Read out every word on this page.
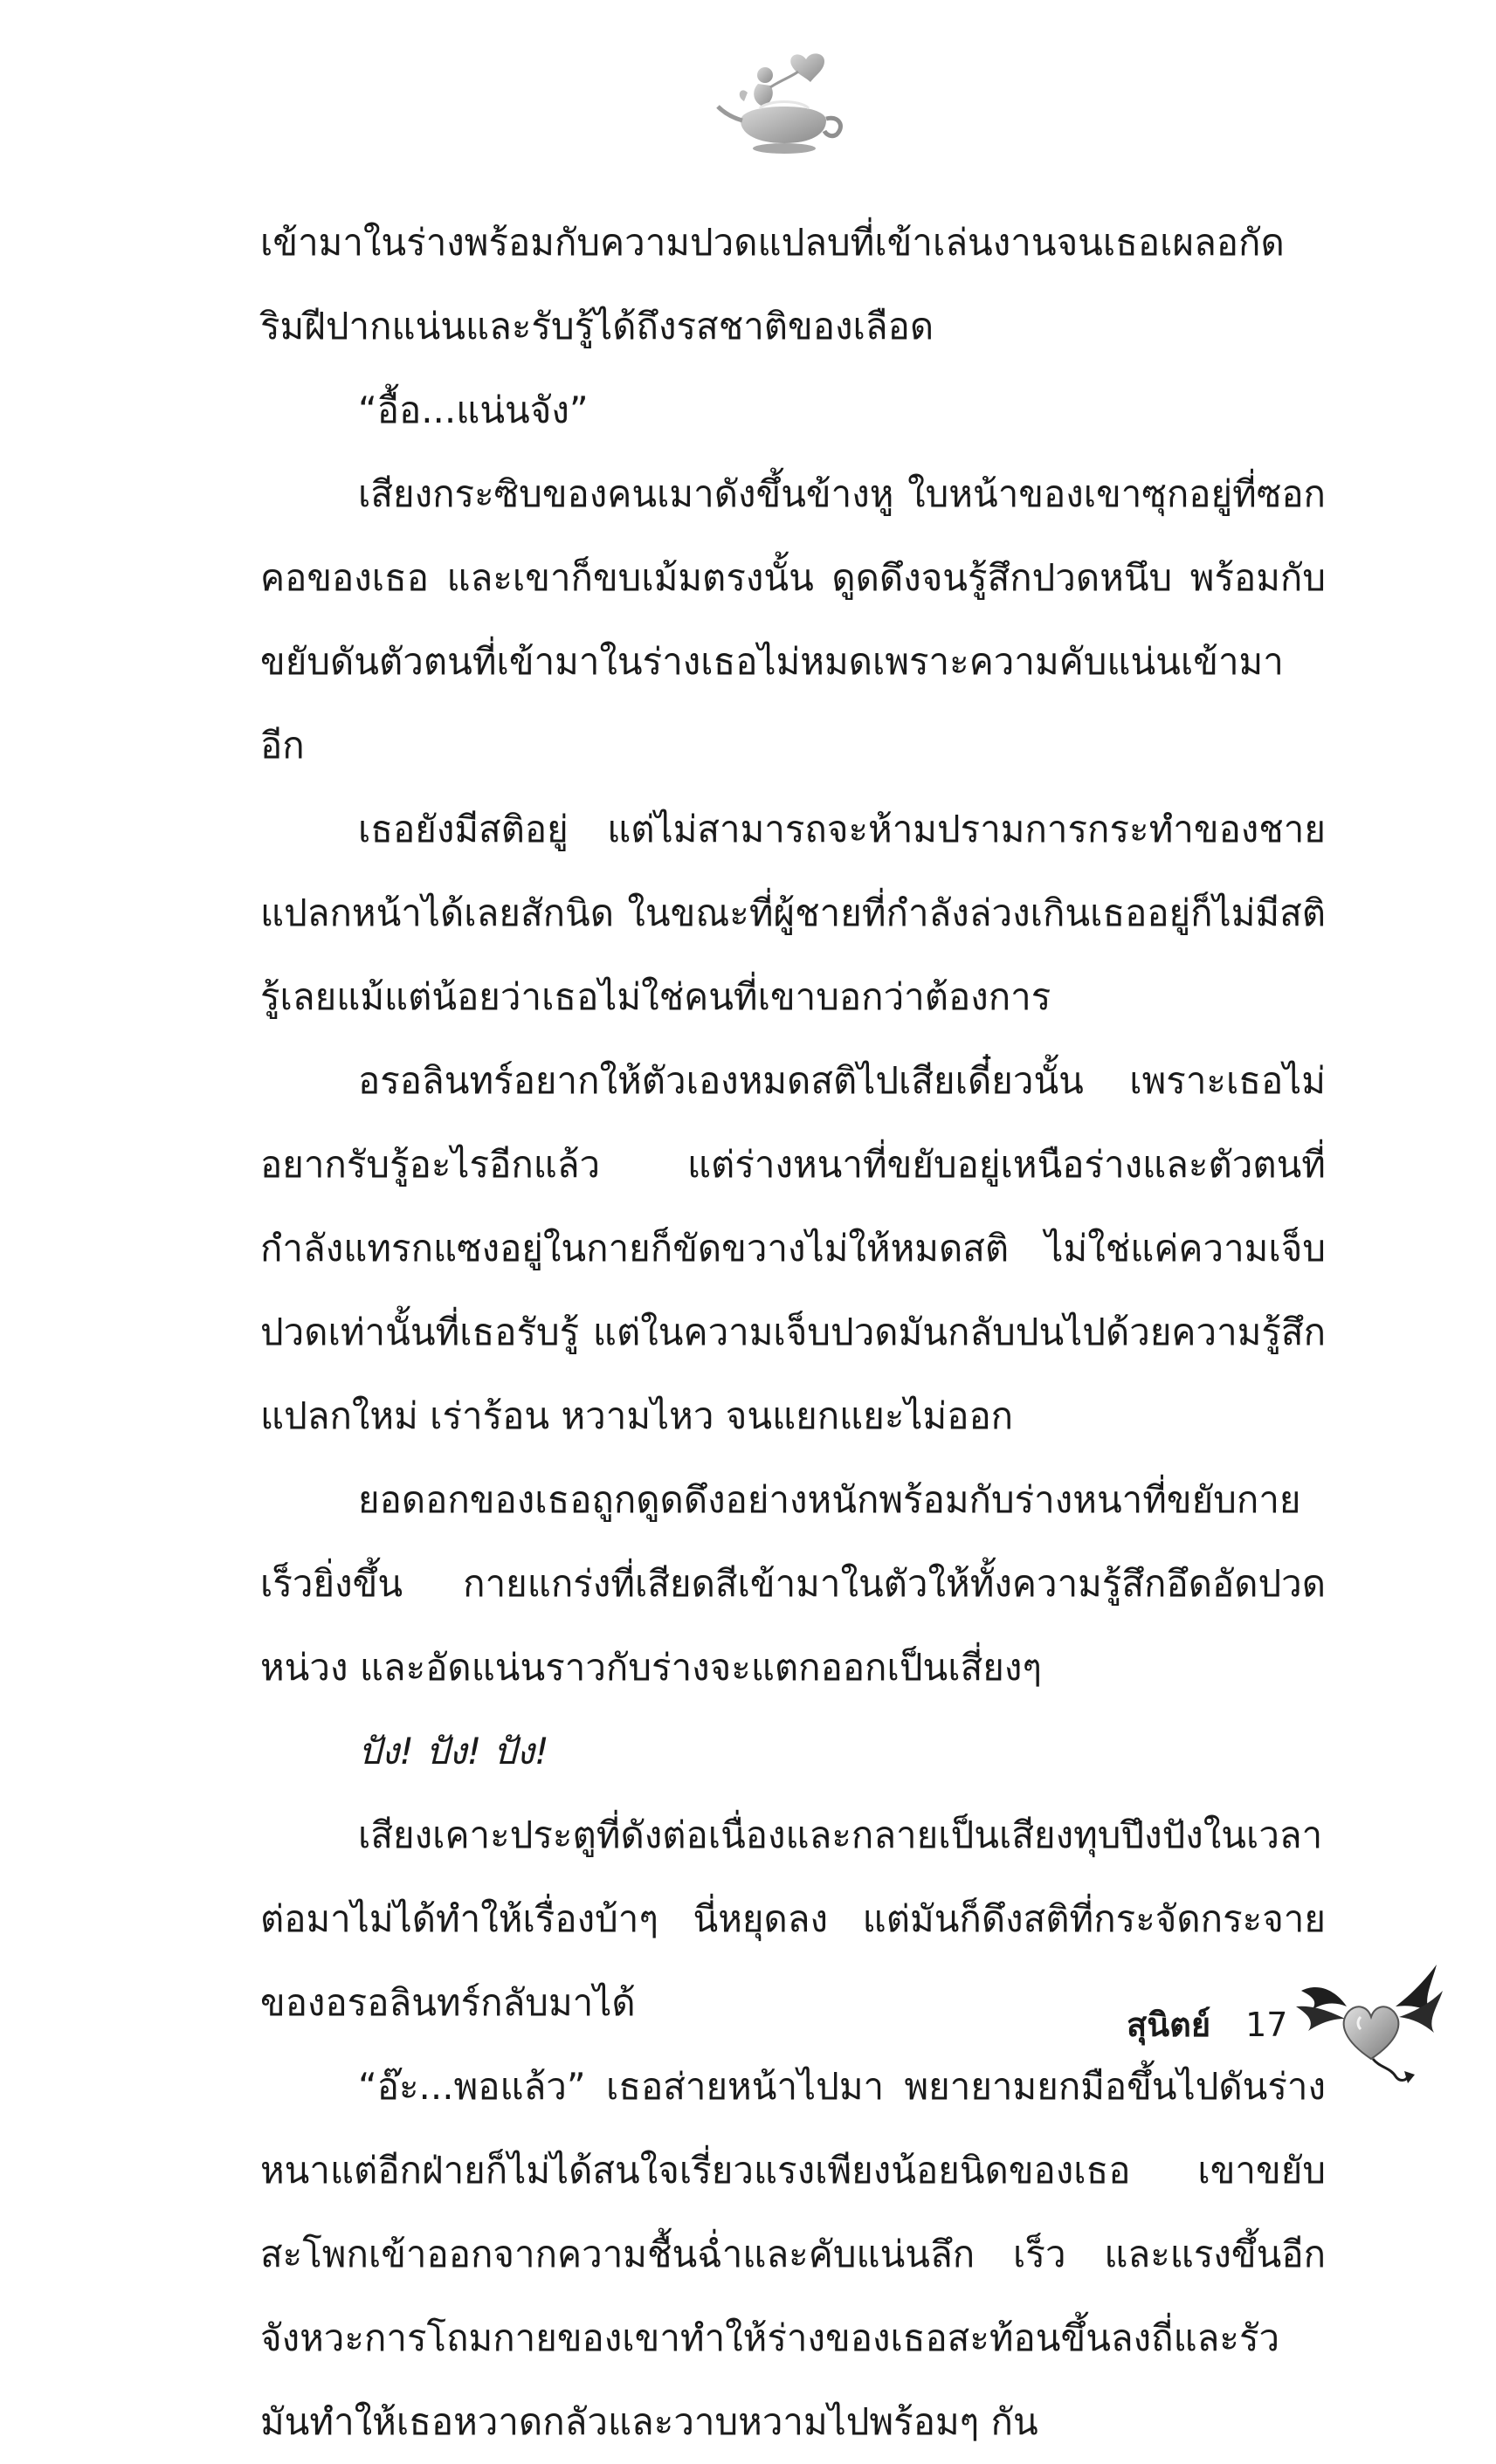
เข้ามาในร่างพร้อมกับความปวดแปลบที่เข้าเล่นงานจนเธอเผลอกัดริมฝีปากแน่นและรับรู้ได้ถึงรสชาติของเลือด

“อื้อ...แน่นจัง”

เสียงกระซิบของคนเมาดังขึ้นข้างหู ใบหน้าของเขาซุกอยู่ที่ซอกคอของเธอ และเขาก็ขบเม้มตรงนั้น ดูดดึงจนรู้สึกปวดหนึบ พร้อมกับขยับดันตัวตนที่เข้ามาในร่างเธอไม่หมดเพราะความคับแน่นเข้ามาอีก

เธอยังมีสติอยู่ แต่ไม่สามารถจะห้ามปรามการกระทำของชายแปลกหน้าได้เลยสักนิด ในขณะที่ผู้ชายที่กำลังล่วงเกินเธออยู่ก็ไม่มีสติรู้เลยแม้แต่น้อยว่าเธอไม่ใช่คนที่เขาบอกว่าต้องการ

อรอลินทร์อยากให้ตัวเองหมดสติไปเสียเดี๋ยวนั้น เพราะเธอไม่อยากรับรู้อะไรอีกแล้ว แต่ร่างหนาที่ขยับอยู่เหนือร่างและตัวตนที่กำลังแทรกแซงอยู่ในกายก็ขัดขวางไม่ให้หมดสติ ไม่ใช่แค่ความเจ็บปวดเท่านั้นที่เธอรับรู้ แต่ในความเจ็บปวดมันกลับปนไปด้วยความรู้สึกแปลกใหม่ เร่าร้อน หวามไหว จนแยกแยะไม่ออก

ยอดอกของเธอถูกดูดดึงอย่างหนักพร้อมกับร่างหนาที่ขยับกายเร็วยิ่งขึ้น กายแกร่งที่เสียดสีเข้ามาในตัวให้ทั้งความรู้สึกอึดอัดปวดหน่วง และอัดแน่นราวกับร่างจะแตกออกเป็นเสี่ยงๆ

ปัง! ปัง! ปัง!

เสียงเคาะประตูที่ดังต่อเนื่องและกลายเป็นเสียงทุบปึงปังในเวลาต่อมาไม่ได้ทำให้เรื่องบ้าๆ นี่หยุดลง แต่มันก็ดึงสติที่กระจัดกระจายของอรอลินทร์กลับมาได้

“อ๊ะ...พอแล้ว” เธอส่ายหน้าไปมา พยายามยกมือขึ้นไปดันร่างหนาแต่อีกฝ่ายก็ไม่ได้สนใจเรี่ยวแรงเพียงน้อยนิดของเธอ เขาขยับสะโพกเข้าออกจากความชื้นฉ่ำและคับแน่นลึก เร็ว และแรงขึ้นอีก จังหวะการโถมกายของเขาทำให้ร่างของเธอสะท้อนขึ้นลงถี่และรัว มันทำให้เธอหวาดกลัวและวาบหวามไปพร้อมๆ กัน

สุนิตย์ 17
